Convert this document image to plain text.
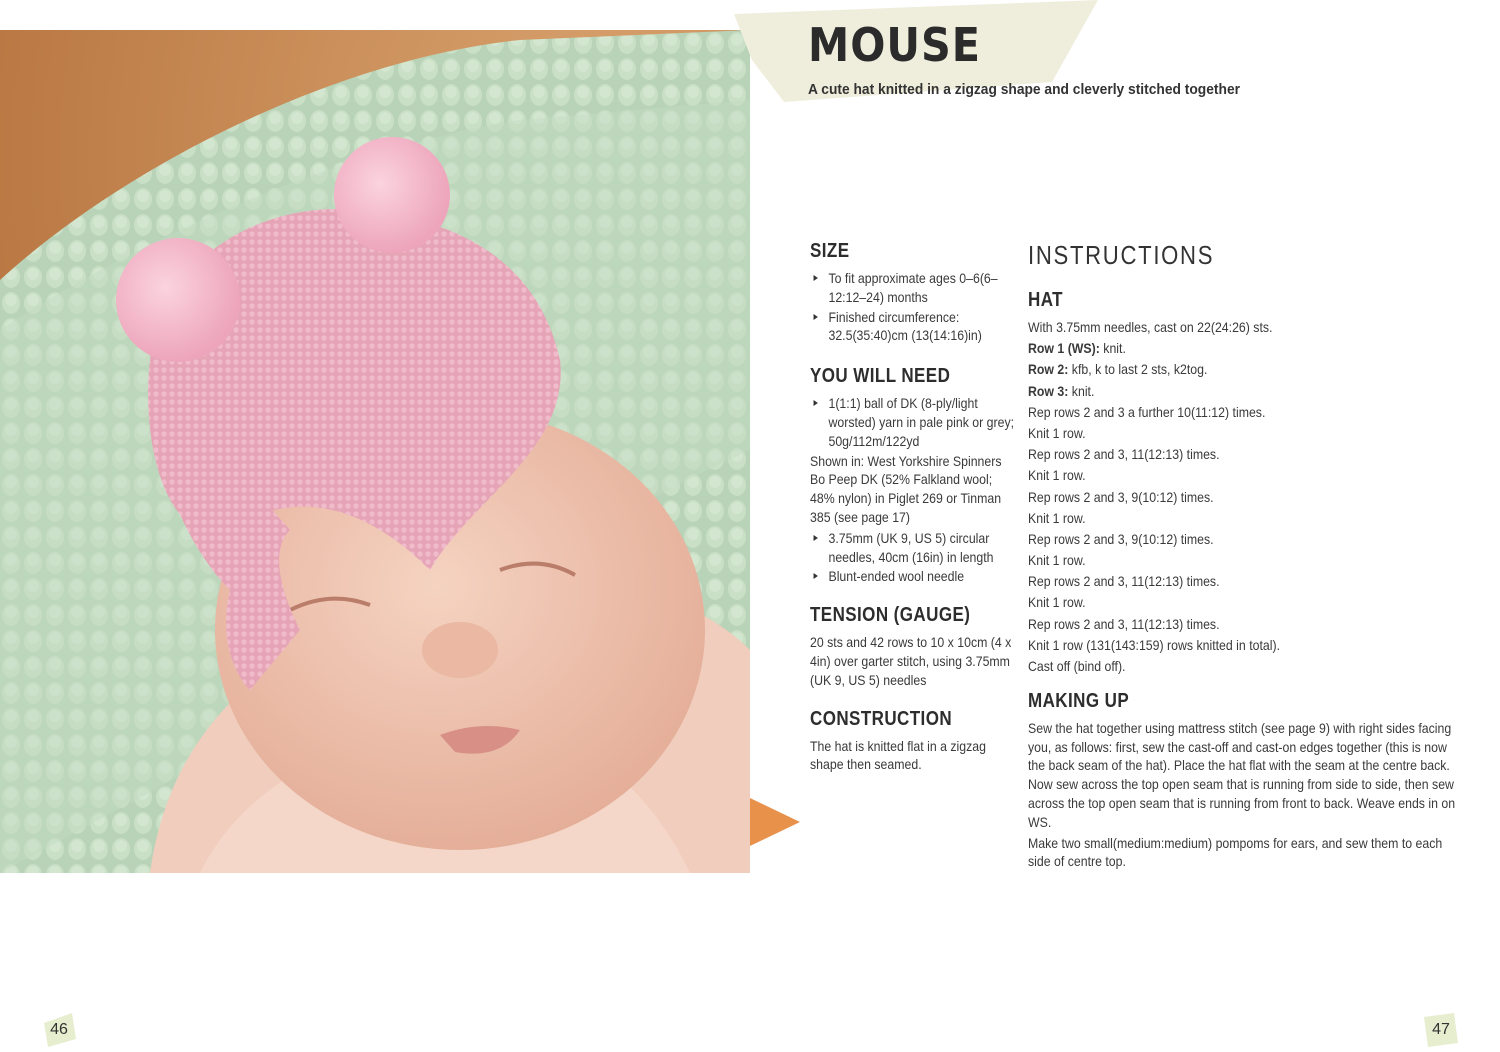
MOUSE

A cute hat knitted in a zigzag shape and cleverly stitched together

SIZE
To fit approximate ages 0–6(6–12:12–24) months
Finished circumference: 32.5(35:40)cm (13(14:16)in)
YOU WILL NEED
1(1:1) ball of DK (8-ply/light worsted) yarn in pale pink or grey; 50g/112m/122yd

Shown in: West Yorkshire Spinners Bo Peep DK (52% Falkland wool; 48% nylon) in Piglet 269 or Tinman 385 (see page 17)

3.75mm (UK 9, US 5) circular needles, 40cm (16in) in length
Blunt-ended wool needle
TENSION (GAUGE)

20 sts and 42 rows to 10 x 10cm (4 x 4in) over garter stitch, using 3.75mm (UK 9, US 5) needles

CONSTRUCTION

The hat is knitted flat in a zigzag shape then seamed.

INSTRUCTIONS
HAT
With 3.75mm needles, cast on 22(24:26) sts.
Row 1 (WS): knit.
Row 2: kfb, k to last 2 sts, k2tog.
Row 3: knit.
Rep rows 2 and 3 a further 10(11:12) times.
Knit 1 row.
Rep rows 2 and 3, 11(12:13) times.
Knit 1 row.
Rep rows 2 and 3, 9(10:12) times.
Knit 1 row.
Rep rows 2 and 3, 9(10:12) times.
Knit 1 row.
Rep rows 2 and 3, 11(12:13) times.
Knit 1 row.
Rep rows 2 and 3, 11(12:13) times.
Knit 1 row (131(143:159) rows knitted in total).
Cast off (bind off).
MAKING UP

Sew the hat together using mattress stitch (see page 9) with right sides facing you, as follows: first, sew the cast-off and cast-on edges together (this is now the back seam of the hat). Place the hat flat with the seam at the centre back. Now sew across the top open seam that is running from side to side, then sew across the top open seam that is running from front to back. Weave ends in on WS.

Make two small(medium:medium) pompoms for ears, and sew them to each side of centre top.

46	47
